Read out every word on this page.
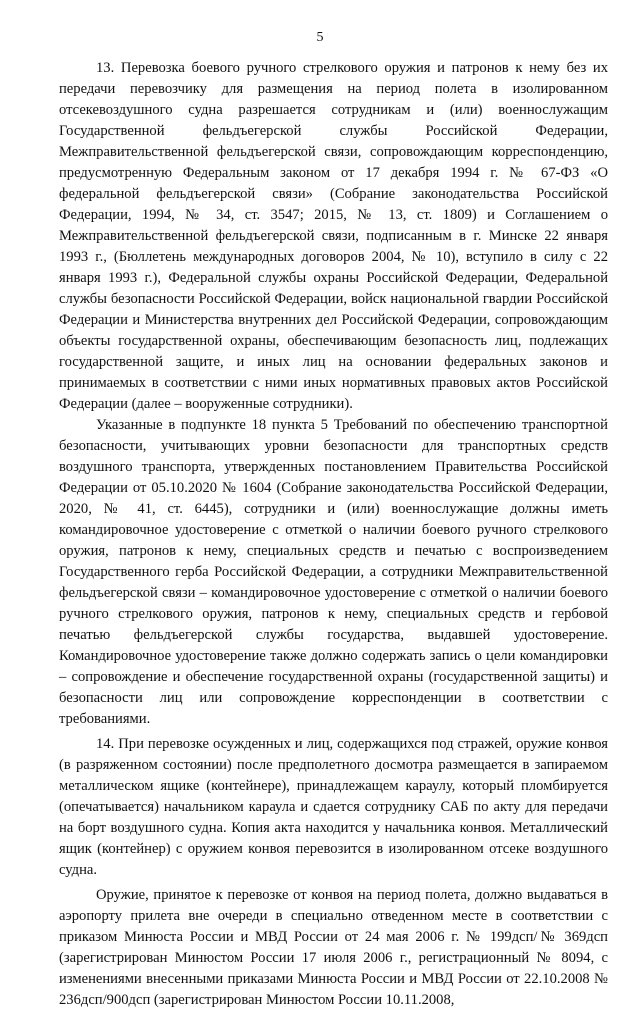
5

13. Перевозка боевого ручного стрелкового оружия и патронов к нему без их передачи перевозчику для размещения на период полета в изолированном отсекевоздушного судна разрешается сотрудникам и (или) военнослужащим Государственной фельдъегерской службы Российской Федерации, Межправительственной фельдъегерской связи, сопровождающим корреспонденцию, предусмотренную Федеральным законом от 17 декабря 1994 г. № 67-ФЗ «О федеральной фельдъегерской связи» (Собрание законодательства Российской Федерации, 1994, № 34, ст. 3547; 2015, № 13, ст. 1809) и Соглашением о Межправительственной фельдъегерской связи, подписанным в г. Минске 22 января 1993 г., (Бюллетень международных договоров 2004, № 10), вступило в силу с 22 января 1993 г.), Федеральной службы охраны Российской Федерации, Федеральной службы безопасности Российской Федерации, войск национальной гвардии Российской Федерации и Министерства внутренних дел Российской Федерации, сопровождающим объекты государственной охраны, обеспечивающим безопасность лиц, подлежащих государственной защите, и иных лиц на основании федеральных законов и принимаемых в соответствии с ними иных нормативных правовых актов Российской Федерации (далее – вооруженные сотрудники).

Указанные в подпункте 18 пункта 5 Требований по обеспечению транспортной безопасности, учитывающих уровни безопасности для транспортных средств воздушного транспорта, утвержденных постановлением Правительства Российской Федерации от 05.10.2020 № 1604 (Собрание законодательства Российской Федерации, 2020, № 41, ст. 6445), сотрудники и (или) военнослужащие должны иметь командировочное удостоверение с отметкой о наличии боевого ручного стрелкового оружия, патронов к нему, специальных средств и печатью с воспроизведением Государственного герба Российской Федерации, а сотрудники Межправительственной фельдъегерской связи – командировочное удостоверение с отметкой о наличии боевого ручного стрелкового оружия, патронов к нему, специальных средств и гербовой печатью фельдъегерской службы государства, выдавшей удостоверение. Командировочное удостоверение также должно содержать запись о цели командировки – сопровождение и обеспечение государственной охраны (государственной защиты) и безопасности лиц или сопровождение корреспонденции в соответствии с требованиями.

14. При перевозке осужденных и лиц, содержащихся под стражей, оружие конвоя (в разряженном состоянии) после предполетного досмотра размещается в запираемом металлическом ящике (контейнере), принадлежащем караулу, который пломбируется (опечатывается) начальником караула и сдается сотруднику САБ по акту для передачи на борт воздушного судна. Копия акта находится у начальника конвоя. Металлический ящик (контейнер) с оружием конвоя перевозится в изолированном отсеке воздушного судна.

Оружие, принятое к перевозке от конвоя на период полета, должно выдаваться в аэропорту прилета вне очереди в специально отведенном месте в соответствии с приказом Минюста России и МВД России от 24 мая 2006 г. № 199дсп/№ 369дсп (зарегистрирован Минюстом России 17 июля 2006 г., регистрационный № 8094, с изменениями внесенными приказами Минюста России и МВД России от 22.10.2008 № 236дсп/900дсп (зарегистрирован Минюстом России 10.11.2008,
